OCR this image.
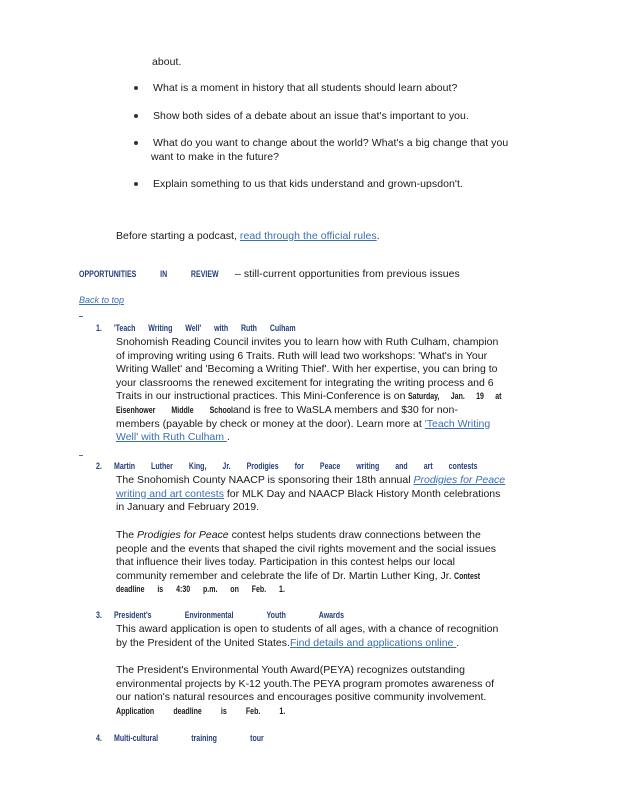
about.
What is a moment in history that all students should learn about?
Show both sides of a debate about an issue that's important to you.
What do you want to change about the world? What's a big change that you
want to make in the future?
Explain something to us that kids understand and grown-upsdon't.
Before starting a podcast, read through the official rules.
OPPORTUNITIES IN REVIEW – still-current opportunities from previous issues
Back to top
1. 'Teach Writing Well' with Ruth Culham
Snohomish Reading Council invites you to learn how with Ruth Culham, champion
of improving writing using 6 Traits. Ruth will lead two workshops: 'What's in Your
Writing Wallet' and 'Becoming a Writing Thief'. With her expertise, you can bring to
your classrooms the renewed excitement for integrating the writing process and 6
Traits in our instructional practices. This Mini-Conference is on Saturday, Jan. 19 at
Eisenhower Middle School and is free to WaSLA members and $30 for non-
members (payable by check or money at the door). Learn more at 'Teach Writing
Well' with Ruth Culham .
2. Martin Luther King, Jr. Prodigies for Peace writing and art contests
The Snohomish County NAACP is sponsoring their 18th annual Prodigies for Peace
writing and art contests for MLK Day and NAACP Black History Month celebrations
in January and February 2019.
The Prodigies for Peace contest helps students draw connections between the
people and the events that shaped the civil rights movement and the social issues
that influence their lives today. Participation in this contest helps our local
community remember and celebrate the life of Dr. Martin Luther King, Jr. Contest
deadline is 4:30 p.m. on Feb. 1.
3. President's Environmental Youth Awards
This award application is open to students of all ages, with a chance of recognition
by the President of the United States.Find details and applications online .
The President's Environmental Youth Award(PEYA) recognizes outstanding
environmental projects by K-12 youth.The PEYA program promotes awareness of
our nation's natural resources and encourages positive community involvement.
Application deadline is Feb. 1.
4. Multi-cultural training tour
